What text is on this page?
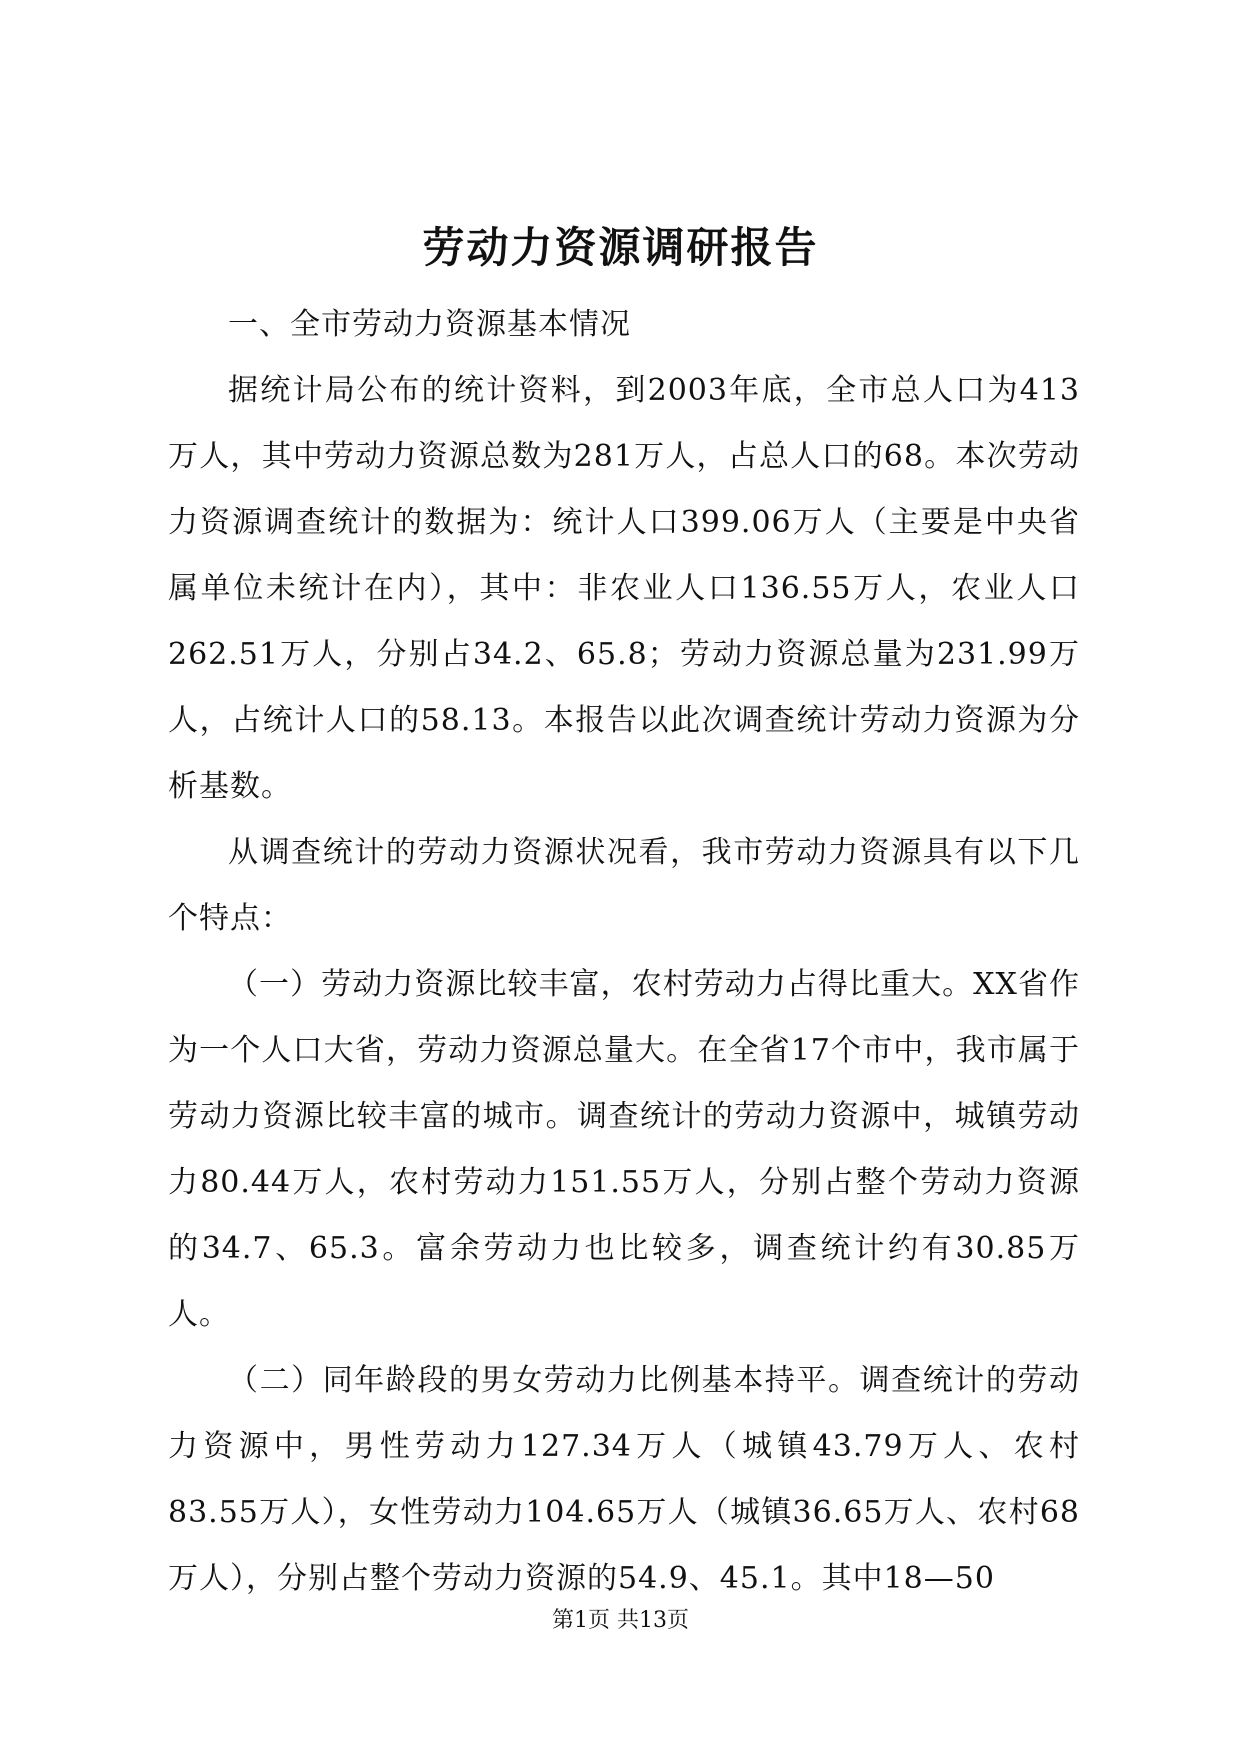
劳动力资源调研报告

一、全市劳动力资源基本情况

据统计局公布的统计资料，到2003年底，全市总人口为413万人，其中劳动力资源总数为281万人，占总人口的68。本次劳动力资源调查统计的数据为：统计人口399.06万人（主要是中央省属单位未统计在内），其中：非农业人口136.55万人，农业人口262.51万人，分别占34.2、65.8；劳动力资源总量为231.99万人，占统计人口的58.13。本报告以此次调查统计劳动力资源为分析基数。

从调查统计的劳动力资源状况看，我市劳动力资源具有以下几个特点：

（一）劳动力资源比较丰富，农村劳动力占得比重大。XX省作为一个人口大省，劳动力资源总量大。在全省17个市中，我市属于劳动力资源比较丰富的城市。调查统计的劳动力资源中，城镇劳动力80.44万人，农村劳动力151.55万人，分别占整个劳动力资源的34.7、65.3。富余劳动力也比较多，调查统计约有30.85万人。

（二）同年龄段的男女劳动力比例基本持平。调查统计的劳动力资源中，男性劳动力127.34万人（城镇43.79万人、农村83.55万人），女性劳动力104.65万人（城镇36.65万人、农村68万人），分别占整个劳动力资源的54.9、45.1。其中18—50

第1页 共13页
